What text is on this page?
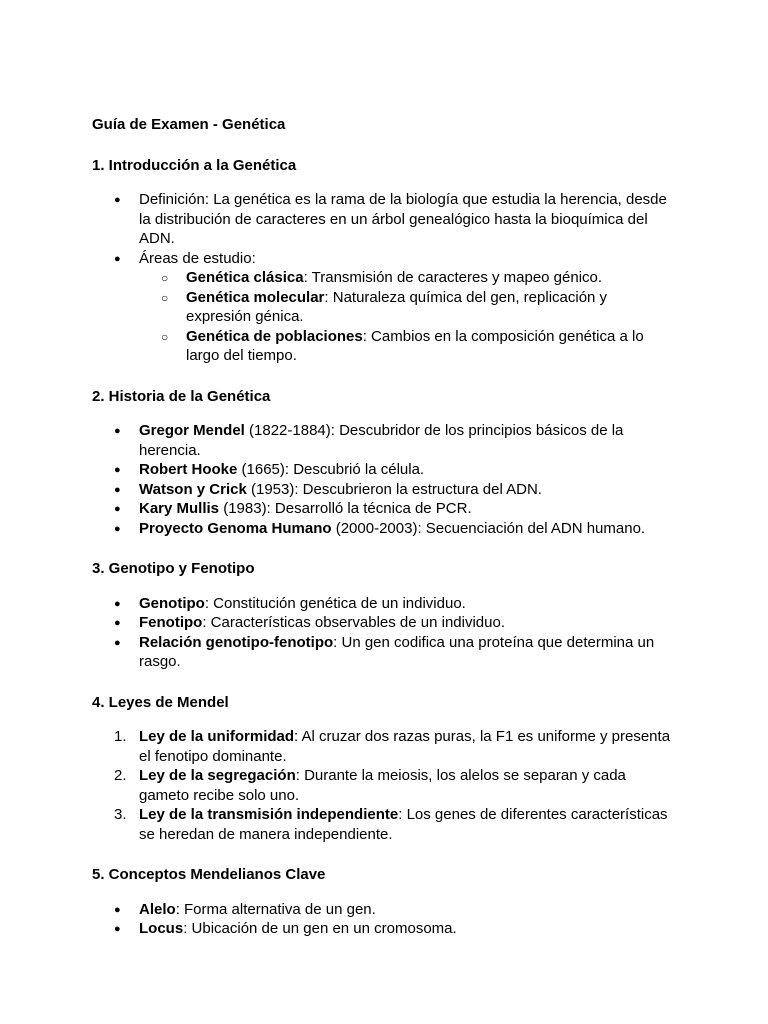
Guía de Examen - Genética
1. Introducción a la Genética
●
Definición: La genética es la rama de la biología que estudia la herencia, desde la distribución de caracteres en un árbol genealógico hasta la bioquímica del ADN.
●
Áreas de estudio:
○
Genética clásica: Transmisión de caracteres y mapeo génico.
○
Genética molecular: Naturaleza química del gen, replicación y expresión génica.
○
Genética de poblaciones: Cambios en la composición genética a lo largo del tiempo.
2. Historia de la Genética
●
Gregor Mendel (1822-1884): Descubridor de los principios básicos de la herencia.
●
Robert Hooke (1665): Descubrió la célula.
●
Watson y Crick (1953): Descubrieron la estructura del ADN.
●
Kary Mullis (1983): Desarrolló la técnica de PCR.
●
Proyecto Genoma Humano (2000-2003): Secuenciación del ADN humano.
3. Genotipo y Fenotipo
●
Genotipo: Constitución genética de un individuo.
●
Fenotipo: Características observables de un individuo.
●
Relación genotipo-fenotipo: Un gen codifica una proteína que determina un rasgo.
4. Leyes de Mendel
1. Ley de la uniformidad: Al cruzar dos razas puras, la F1 es uniforme y presenta el fenotipo dominante.
2. Ley de la segregación: Durante la meiosis, los alelos se separan y cada gameto recibe solo uno.
3. Ley de la transmisión independiente: Los genes de diferentes características se heredan de manera independiente.
5. Conceptos Mendelianos Clave
●
Alelo: Forma alternativa de un gen.
●
Locus: Ubicación de un gen en un cromosoma.
